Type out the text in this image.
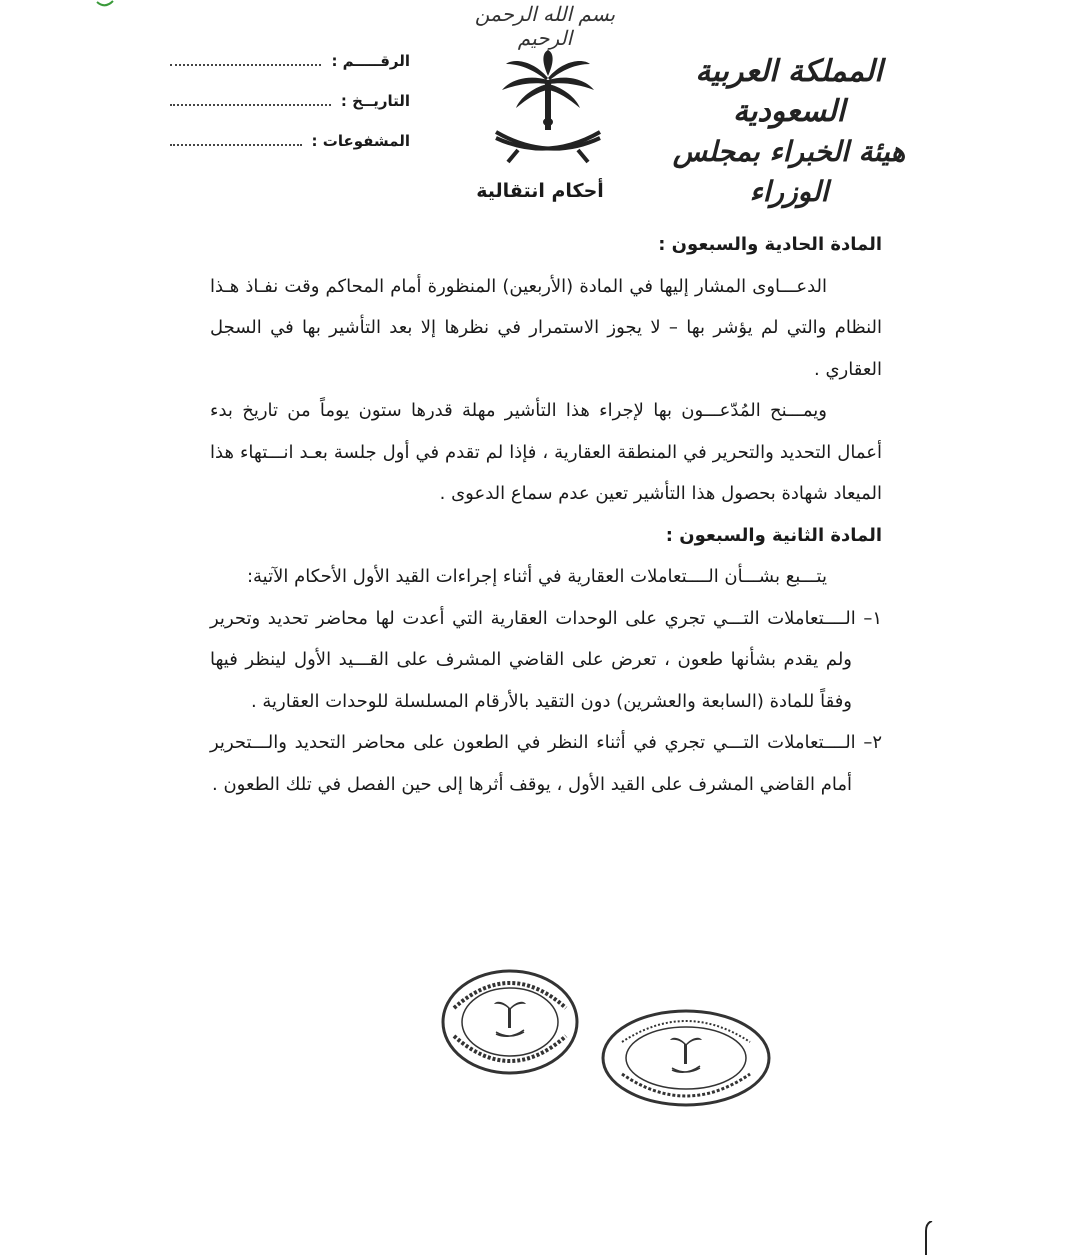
بسم الله الرحمن الرحيم
المملكة العربية السعودية
هيئة الخبراء بمجلس الوزراء
الرقـــــم :
التاريــخ :
المشفوعات :
أحكام انتقالية

المادة الحادية والسبعون :

الدعـــاوى المشار إليها في المادة (الأربعين) المنظورة أمام المحاكم وقت نفـاذ هـذا النظام والتي لم يؤشر بها – لا يجوز الاستمرار في نظرها إلا بعد التأشير بها في السجل العقاري .

ويمـــنح المُدّعـــون بها لإجراء هذا التأشير مهلة قدرها ستون يوماً من تاريخ بدء أعمال التحديد والتحرير في المنطقة العقارية ، فإذا لم تقدم في أول جلسة بعـد انـــتهاء هذا الميعاد شهادة بحصول هذا التأشير تعين عدم سماع الدعوى .

المادة الثانية والسبعون :

يتـــبع بشـــأن الــــتعاملات العقارية في أثناء إجراءات القيد الأول الأحكام الآتية:

١– الــــتعاملات التـــي تجري على الوحدات العقارية التي أعدت لها محاضر تحديد وتحرير ولم يقدم بشأنها طعون ، تعرض على القاضي المشرف على القـــيد الأول لينظر فيها وفقاً للمادة (السابعة والعشرين) دون التقيد بالأرقام المسلسلة للوحدات العقارية .

٢– الــــتعاملات التـــي تجري في أثناء النظر في الطعون على محاضر التحديد والـــتحرير أمام القاضي المشرف على القيد الأول ، يوقف أثرها إلى حين الفصل في تلك الطعون .
